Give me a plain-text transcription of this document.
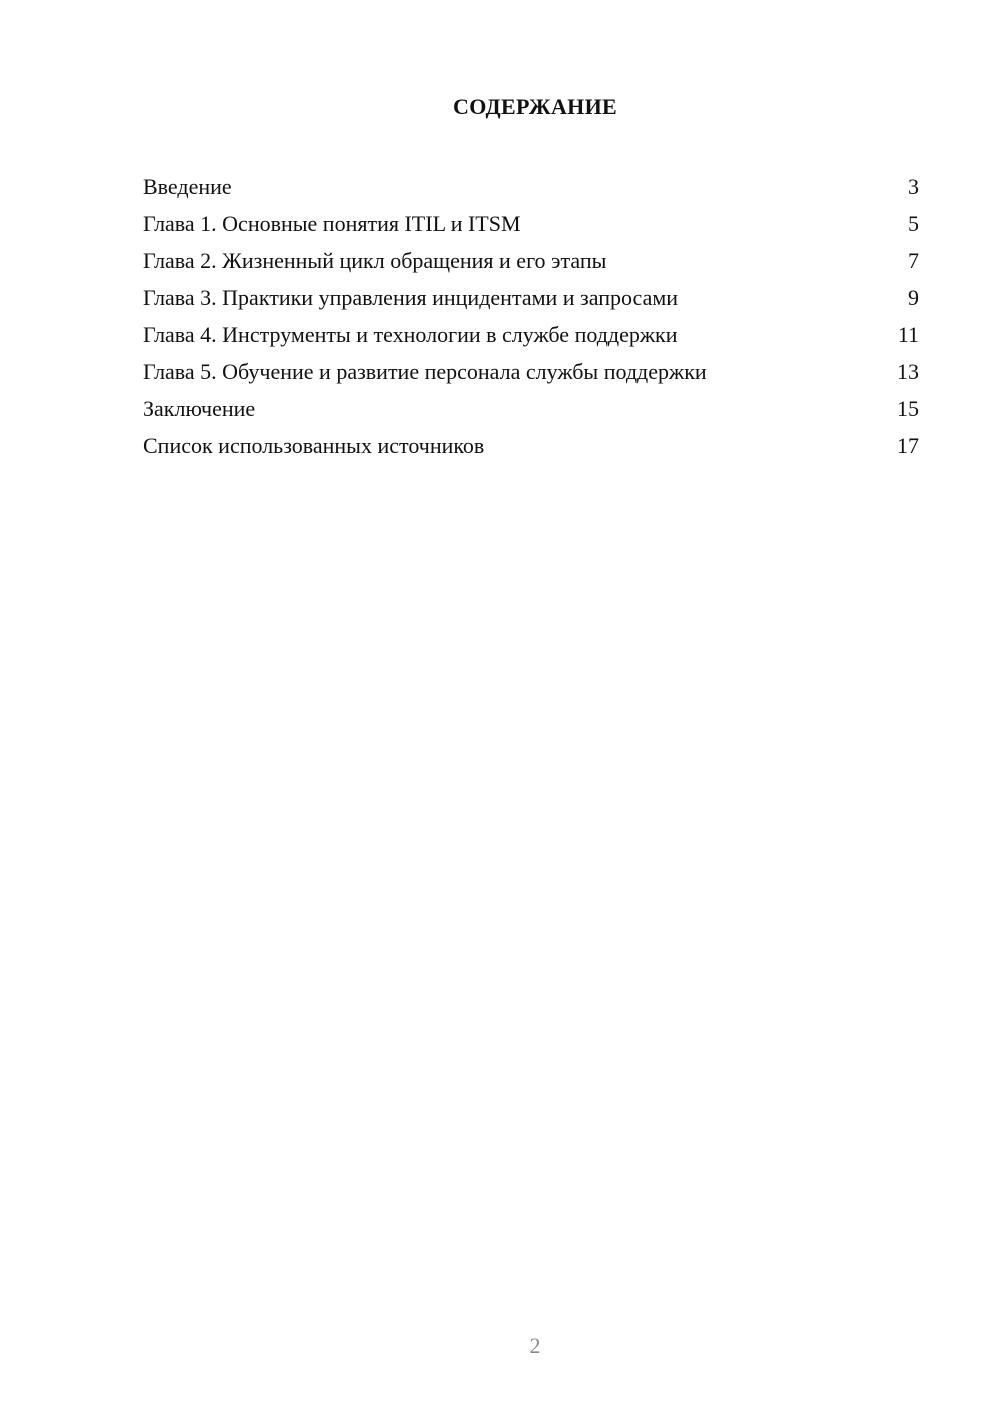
СОДЕРЖАНИЕ
Введение	3
Глава 1. Основные понятия ITIL и ITSM	5
Глава 2. Жизненный цикл обращения и его этапы	7
Глава 3. Практики управления инцидентами и запросами	9
Глава 4. Инструменты и технологии в службе поддержки	11
Глава 5. Обучение и развитие персонала службы поддержки	13
Заключение	15
Список использованных источников	17
2
